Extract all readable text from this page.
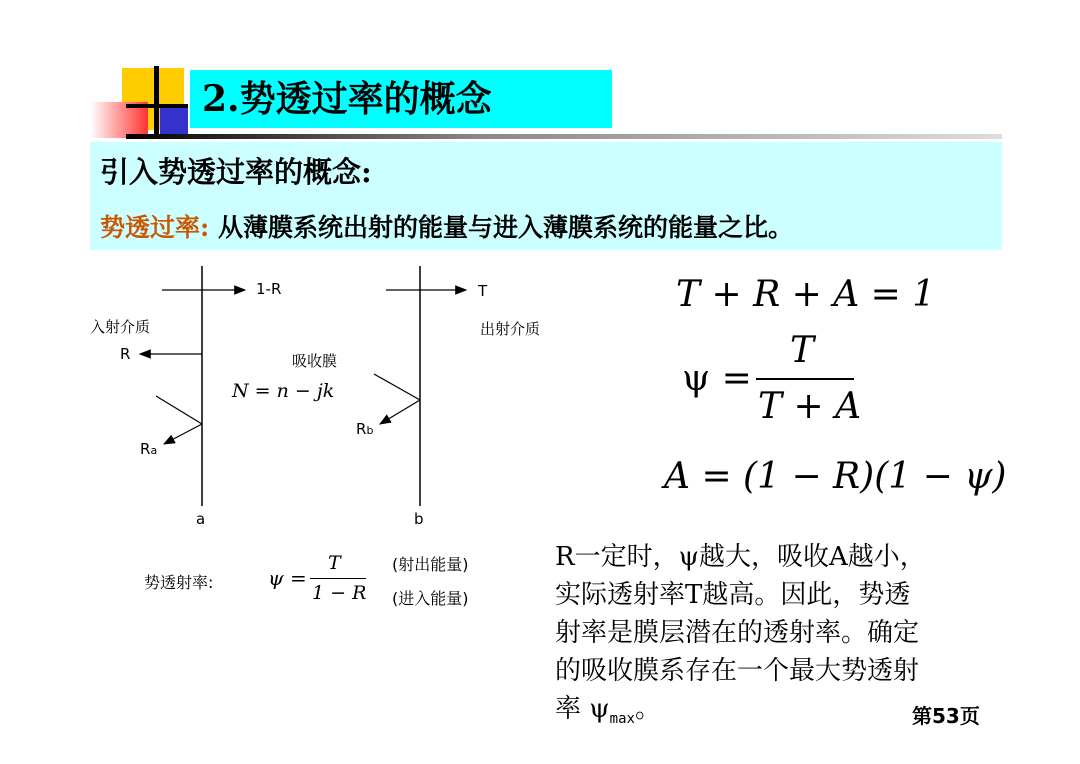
2.势透过率的概念
引入势透过率的概念:
势透过率: 从薄膜系统出射的能量与进入薄膜系统的能量之比。
1-R	T
入射介质	出射介质
吸收膜
N = n − jk
R
Ra
Rb
a	b
势透射率:	ψ =
T
1 − R
(射出能量)
(进入能量)
T + R + A = 1
ψ =
T
T + A
A = (1 − R)(1 − ψ)

R一定时，ψ越大，吸收A越小，

实际透射率T越高。因此，势透

射率是膜层潜在的透射率。确定

的吸收膜系存在一个最大势透射

率 $\psi_{max}$。	第53页
